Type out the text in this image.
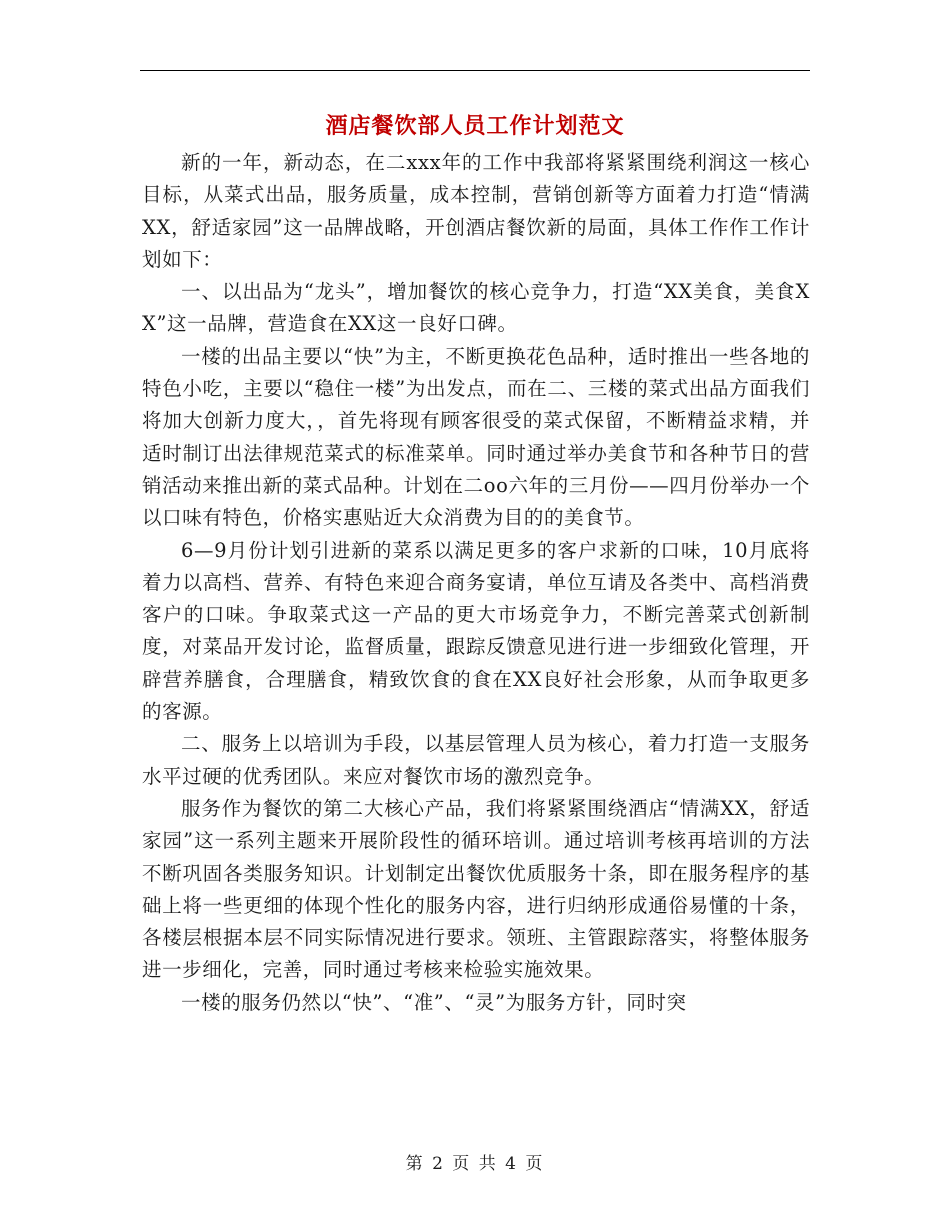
酒店餐饮部人员工作计划范文

新的一年，新动态，在二xxx年的工作中我部将紧紧围绕利润这一核心目标，从菜式出品，服务质量，成本控制，营销创新等方面着力打造“情满XX，舒适家园”这一品牌战略，开创酒店餐饮新的局面，具体工作作工作计划如下：

一、以出品为“龙头”，增加餐饮的核心竞争力，打造“XX美食，美食XX”这一品牌，营造食在XX这一良好口碑。

一楼的出品主要以“快”为主，不断更换花色品种，适时推出一些各地的特色小吃，主要以“稳住一楼”为出发点，而在二、三楼的菜式出品方面我们将加大创新力度大，，首先将现有顾客很受的菜式保留，不断精益求精，并适时制订出法律规范菜式的标准菜单。同时通过举办美食节和各种节日的营销活动来推出新的菜式品种。计划在二oo六年的三月份——四月份举办一个以口味有特色，价格实惠贴近大众消费为目的的美食节。

6—9月份计划引进新的菜系以满足更多的客户求新的口味，10月底将着力以高档、营养、有特色来迎合商务宴请，单位互请及各类中、高档消费客户的口味。争取菜式这一产品的更大市场竞争力，不断完善菜式创新制度，对菜品开发讨论，监督质量，跟踪反馈意见进行进一步细致化管理，开辟营养膳食，合理膳食，精致饮食的食在XX良好社会形象，从而争取更多的客源。

二、服务上以培训为手段，以基层管理人员为核心，着力打造一支服务水平过硬的优秀团队。来应对餐饮市场的激烈竞争。

服务作为餐饮的第二大核心产品，我们将紧紧围绕酒店“情满XX，舒适家园”这一系列主题来开展阶段性的循环培训。通过培训考核再培训的方法不断巩固各类服务知识。计划制定出餐饮优质服务十条，即在服务程序的基础上将一些更细的体现个性化的服务内容，进行归纳形成通俗易懂的十条，各楼层根据本层不同实际情况进行要求。领班、主管跟踪落实，将整体服务进一步细化，完善，同时通过考核来检验实施效果。

一楼的服务仍然以“快”、“准”、“灵”为服务方针，同时突

第 2 页 共 4 页
